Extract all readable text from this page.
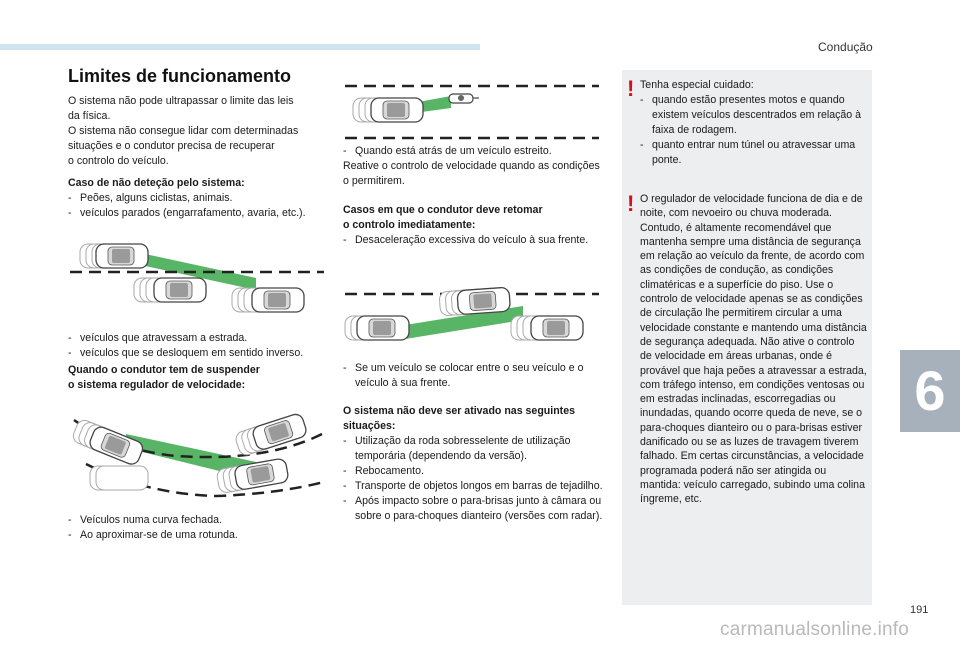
Condução
6
191
carmanualsonline.info
Limites de funcionamento

O sistema não pode ultrapassar o limite das leis

da física.

O sistema não consegue lidar com determinadas

situações e o condutor precisa de recuperar

o controlo do veículo.

Caso de não deteção pelo sistema:

- Peões, alguns ciclistas, animais.
- veículos parados (engarrafamento, avaria, etc.).
- veículos que atravessam a estrada.
- veículos que se desloquem em sentido inverso.

Quando o condutor tem de suspender

o sistema regulador de velocidade:

- Veículos numa curva fechada.
- Ao aproximar-se de uma rotunda.
- Quando está atrás de um veículo estreito.

Reative o controlo de velocidade quando as condições o permitirem.

Casos em que o condutor deve retomar

o controlo imediatamente:

- Desaceleração excessiva do veículo à sua frente.
- Se um veículo se colocar entre o seu veículo e o veículo à sua frente.

O sistema não deve ser ativado nas seguintes situações:

- Utilização da roda sobresselente de utilização temporária (dependendo da versão).
- Rebocamento.
- Transporte de objetos longos em barras de tejadilho.
- Após impacto sobre o para-brisas junto à câmara ou sobre o para-choques dianteiro (versões com radar).
! Tenha especial cuidado:

- quando estão presentes motos e quando existem veículos descentrados em relação à faixa de rodagem.
- quanto entrar num túnel ou atravessar uma ponte.
! O regulador de velocidade funciona de dia e de noite, com nevoeiro ou chuva moderada. Contudo, é altamente recomendável que mantenha sempre uma distância de segurança em relação ao veículo da frente, de acordo com as condições de condução, as condições climatéricas e a superfície do piso. Use o controlo de velocidade apenas se as condições de circulação lhe permitirem circular a uma velocidade constante e mantendo uma distância de segurança adequada. Não ative o controlo de velocidade em áreas urbanas, onde é provável que haja peões a atravessar a estrada, com tráfego intenso, em condições ventosas ou em estradas inclinadas, escorregadias ou inundadas, quando ocorre queda de neve, se o para-choques dianteiro ou o para-brisas estiver danificado ou se as luzes de travagem tiverem falhado. Em certas circunstâncias, a velocidade programada poderá não ser atingida ou mantida: veículo carregado, subindo uma colina íngreme, etc.
